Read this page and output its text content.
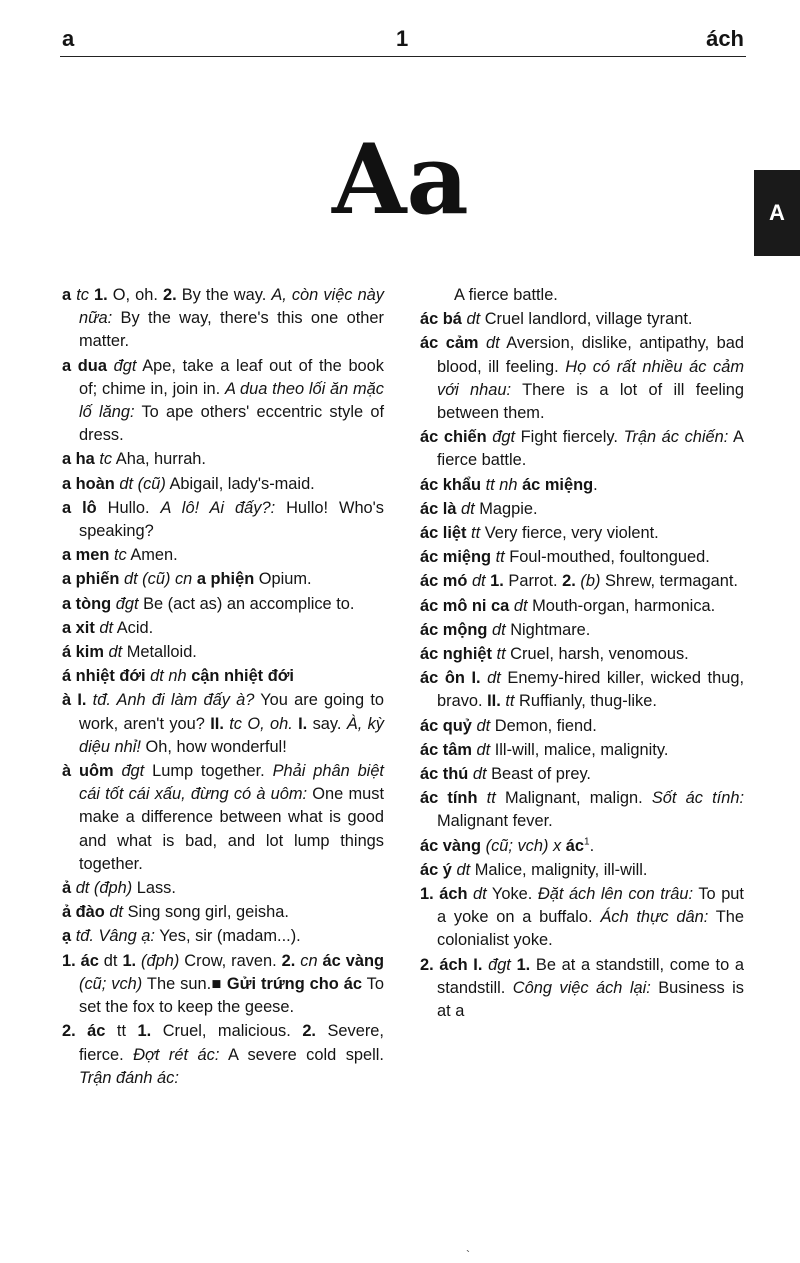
a	1	ách
Aa	A

a tc 1. O, oh. 2. By the way. A, còn việc này nữa: By the way, there's this one other matter.

a dua đgt Ape, take a leaf out of the book of; chime in, join in. A dua theo lối ăn mặc lố lăng: To ape others' eccentric style of dress.

a ha tc Aha, hurrah.

a hoàn dt (cũ) Abigail, lady's-maid.

a lô Hullo. A lô! Ai đấy?: Hullo! Who's speaking?

a men tc Amen.

a phiến dt (cũ) cn a phiện Opium.

a tòng đgt Be (act as) an accomplice to.

a xit dt Acid.

á kim dt Metalloid.

á nhiệt đới dt nh cận nhiệt đới

à I. tđ. Anh đi làm đấy à? You are going to work, aren't you? II. tc O, oh. I. say. À, kỳ diệu nhỉ! Oh, how wonderful!

à uôm đgt Lump together. Phải phân biệt cái tốt cái xấu, đừng có à uôm: One must make a difference between what is good and what is bad, and lot lump things together.

ả dt (đph) Lass.

ả đào dt Sing song girl, geisha.

ạ tđ. Vâng ạ: Yes, sir (madam...).

1. ác dt 1. (đph) Crow, raven. 2. cn ác vàng (cũ; vch) The sun.■ Gửi trứng cho ác To set the fox to keep the geese.

2. ác tt 1. Cruel, malicious. 2. Severe, fierce. Đợt rét ác: A severe cold spell. Trận đánh ác:

A fierce battle.

ác bá dt Cruel landlord, village tyrant.

ác cảm dt Aversion, dislike, antipathy, bad blood, ill feeling. Họ có rất nhiều ác cảm với nhau: There is a lot of ill feeling between them.

ác chiến đgt Fight fiercely. Trận ác chiến: A fierce battle.

ác khẩu tt nh ác miệng.

ác là dt Magpie.

ác liệt tt Very fierce, very violent.

ác miệng tt Foul-mouthed, foultongued.

ác mó dt 1. Parrot. 2. (b) Shrew, termagant.

ác mô ni ca dt Mouth-organ, harmonica.

ác mộng dt Nightmare.

ác nghiệt tt Cruel, harsh, venomous.

ác ôn I. dt Enemy-hired killer, wicked thug, bravo. II. tt Ruffianly, thug-like.

ác quỷ dt Demon, fiend.

ác tâm dt Ill-will, malice, malignity.

ác thú dt Beast of prey.

ác tính tt Malignant, malign. Sốt ác tính: Malignant fever.

ác vàng (cũ; vch) x $ác^1$.

ác ý dt Malice, malignity, ill-will.

1. ách dt Yoke. Đặt ách lên con trâu: To put a yoke on a buffalo. Ách thực dân: The colonialist yoke.

2. ách I. đgt 1. Be at a standstill, come to a standstill. Công việc ách lại: Business is at a

`
